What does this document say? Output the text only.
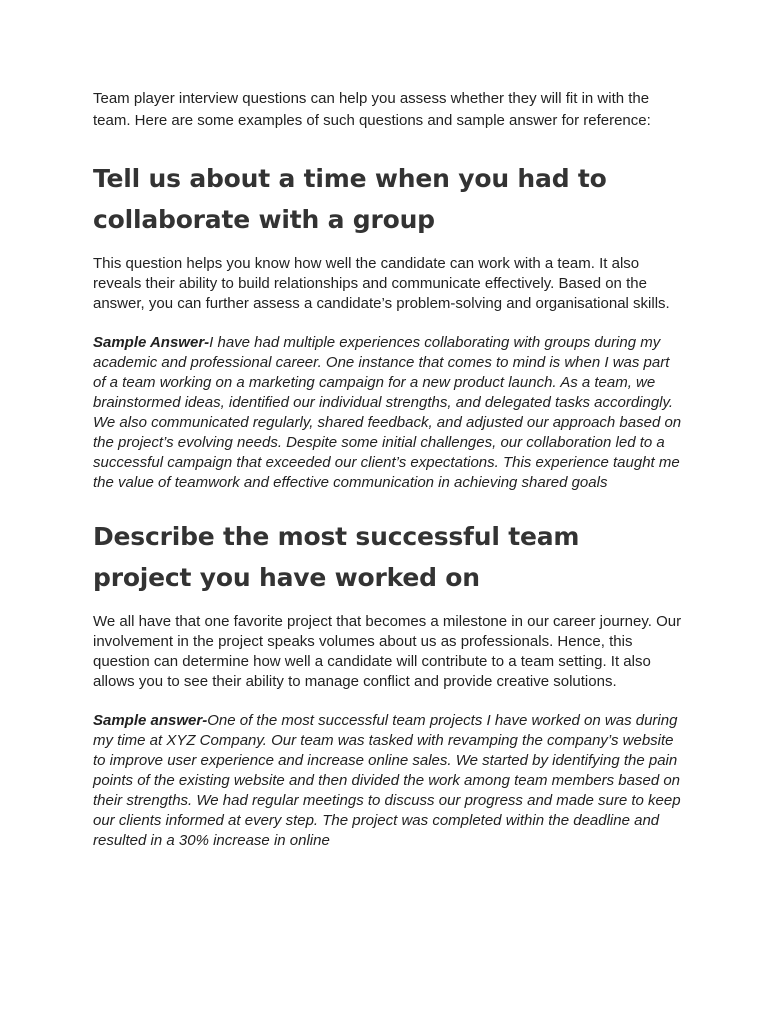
Team player interview questions can help you assess whether they will fit in with the team. Here are some examples of such questions and sample answer for reference:

Tell us about a time when you had to collaborate with a group

This question helps you know how well the candidate can work with a team. It also reveals their ability to build relationships and communicate effectively. Based on the answer, you can further assess a candidate’s problem-solving and organisational skills.

Sample Answer-I have had multiple experiences collaborating with groups during my academic and professional career. One instance that comes to mind is when I was part of a team working on a marketing campaign for a new product launch. As a team, we brainstormed ideas, identified our individual strengths, and delegated tasks accordingly. We also communicated regularly, shared feedback, and adjusted our approach based on the project’s evolving needs. Despite some initial challenges, our collaboration led to a successful campaign that exceeded our client’s expectations. This experience taught me the value of teamwork and effective communication in achieving shared goals

Describe the most successful team project you have worked on

We all have that one favorite project that becomes a milestone in our career journey. Our involvement in the project speaks volumes about us as professionals. Hence, this question can determine how well a candidate will contribute to a team setting. It also allows you to see their ability to manage conflict and provide creative solutions.

Sample answer-One of the most successful team projects I have worked on was during my time at XYZ Company. Our team was tasked with revamping the company’s website to improve user experience and increase online sales. We started by identifying the pain points of the existing website and then divided the work among team members based on their strengths. We had regular meetings to discuss our progress and made sure to keep our clients informed at every step. The project was completed within the deadline and resulted in a 30% increase in online
